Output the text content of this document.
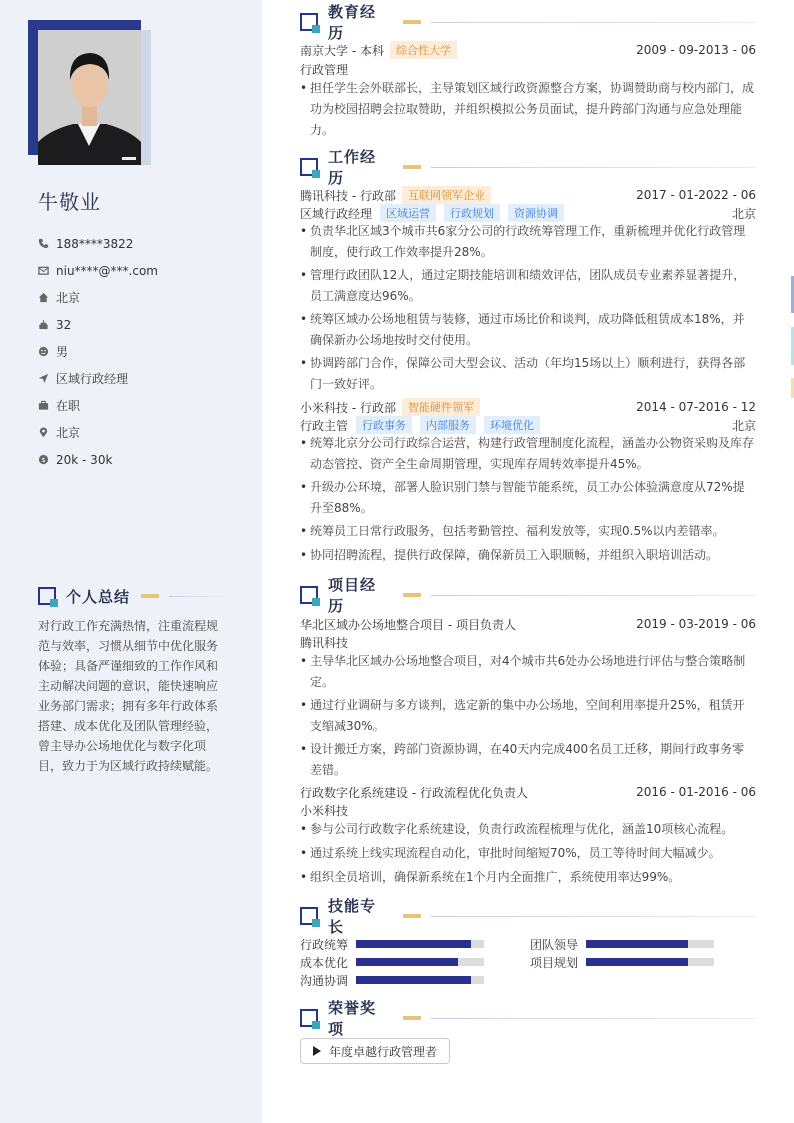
牛敬业
188****3822
niu****@***.com
北京
32
男
区域行政经理
在职
北京
$ 20k - 30k
个人总结
对行政工作充满热情，注重流程规范与效率，习惯从细节中优化服务体验；具备严谨细致的工作作风和主动解决问题的意识，能快速响应业务部门需求；拥有多年行政体系搭建、成本优化及团队管理经验，曾主导办公场地优化与数字化项目，致力于为区域行政持续赋能。
教育经历
南京大学 - 本科	综合性大学	2009 - 09-2013 - 06
行政管理
• 担任学生会外联部长，主导策划区域行政资源整合方案，协调赞助商与校内部门，成功为校园招聘会拉取赞助，并组织模拟公务员面试，提升跨部门沟通与应急处理能力。
工作经历
腾讯科技 - 行政部	互联网领军企业	2017 - 01-2022 - 06
区域行政经理	区域运营	行政规划	资源协调	北京
• 负责华北区域3个城市共6家分公司的行政统筹管理工作，重新梳理并优化行政管理制度，使行政工作效率提升28%。
• 管理行政团队12人，通过定期技能培训和绩效评估，团队成员专业素养显著提升，员工满意度达96%。
• 统筹区域办公场地租赁与装修，通过市场比价和谈判，成功降低租赁成本18%，并确保新办公场地按时交付使用。
• 协调跨部门合作，保障公司大型会议、活动（年均15场以上）顺利进行，获得各部门一致好评。
小米科技 - 行政部	智能硬件领军	2014 - 07-2016 - 12
行政主管	行政事务	内部服务	环境优化	北京
• 统筹北京分公司行政综合运营，构建行政管理制度化流程，涵盖办公物资采购及库存动态管控、资产全生命周期管理，实现库存周转效率提升45%。
• 升级办公环境，部署人脸识别门禁与智能节能系统，员工办公体验满意度从72%提升至88%。
• 统筹员工日常行政服务，包括考勤管控、福利发放等，实现0.5%以内差错率。
• 协同招聘流程，提供行政保障，确保新员工入职顺畅，并组织入职培训活动。
项目经历
华北区域办公场地整合项目 - 项目负责人	2019 - 03-2019 - 06
腾讯科技
• 主导华北区域办公场地整合项目，对4个城市共6处办公场地进行评估与整合策略制定。
• 通过行业调研与多方谈判，选定新的集中办公场地，空间利用率提升25%，租赁开支缩减30%。
• 设计搬迁方案，跨部门资源协调，在40天内完成400名员工迁移，期间行政事务零差错。
行政数字化系统建设 - 行政流程优化负责人	2016 - 01-2016 - 06
小米科技
• 参与公司行政数字化系统建设，负责行政流程梳理与优化，涵盖10项核心流程。
• 通过系统上线实现流程自动化，审批时间缩短70%，员工等待时间大幅减少。
• 组织全员培训，确保新系统在1个月内全面推广，系统使用率达99%。
技能专长
行政统筹	团队领导
成本优化	项目规划
沟通协调
荣誉奖项
年度卓越行政管理者
